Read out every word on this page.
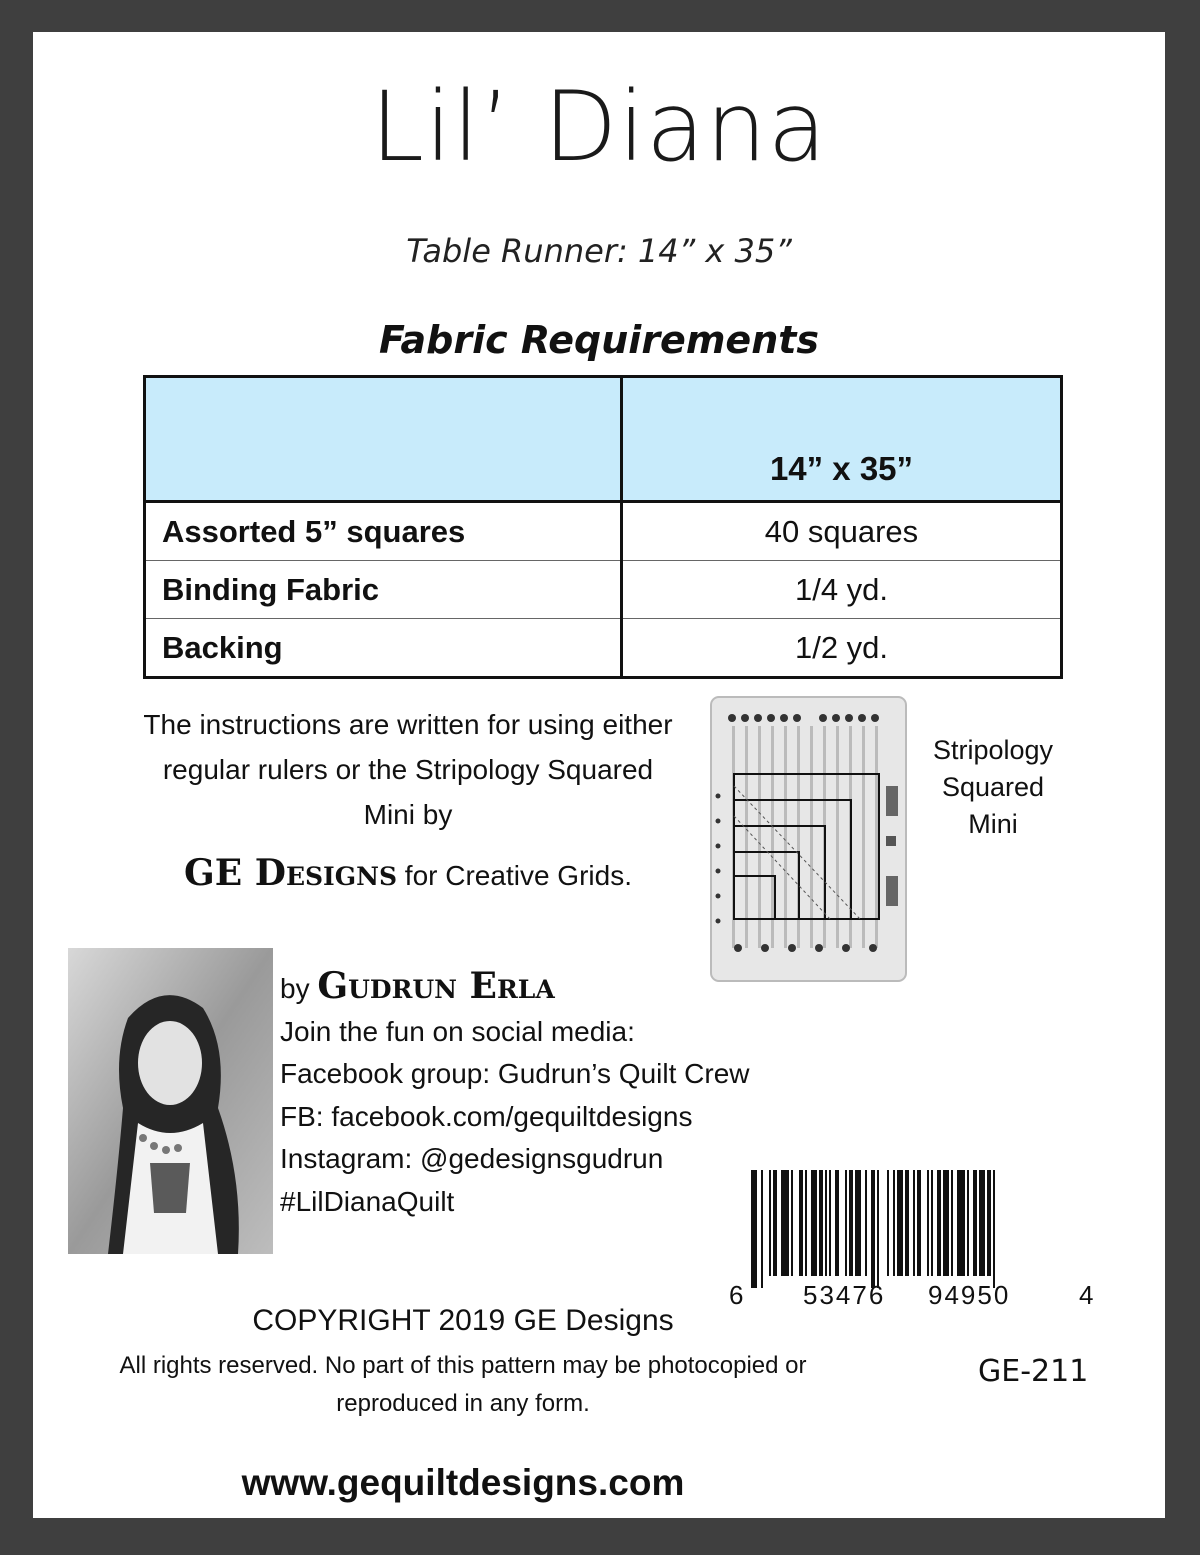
Lil’ Diana
Table Runner: 14” x 35”
Fabric Requirements
	14” x 35”
Assorted 5” squares	40 squares
Binding Fabric	1/4 yd.
Backing	1/2 yd.
The instructions are written for using either
regular rulers or the Stripology Squared
Mini by
GE Designs for Creative Grids.
Stripology
Squared
Mini
by Gudrun Erla
Join the fun on social media:
Facebook group: Gudrun’s Quilt Crew
FB: facebook.com/gequiltdesigns
Instagram: @gedesignsgudrun
#LilDianaQuilt
6 53476 94950	4
COPYRIGHT 2019 GE Designs
All rights reserved. No part of this pattern may be photocopied or
reproduced in any form.
GE-211
www.gequiltdesigns.com
